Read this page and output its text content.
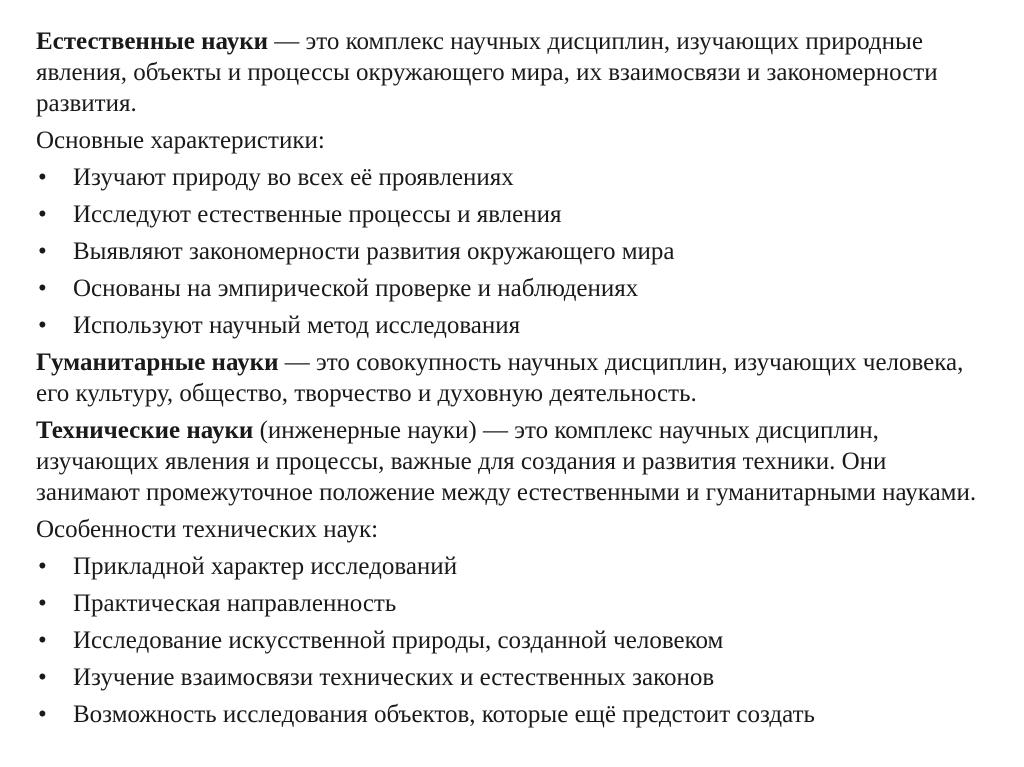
Естественные науки — это комплекс научных дисциплин, изучающих природные явления, объекты и процессы окружающего мира, их взаимосвязи и закономерности развития.

Основные характеристики:

• Изучают природу во всех её проявлениях
• Исследуют естественные процессы и явления
• Выявляют закономерности развития окружающего мира
• Основаны на эмпирической проверке и наблюдениях
• Используют научный метод исследования

Гуманитарные науки — это совокупность научных дисциплин, изучающих человека, его культуру, общество, творчество и духовную деятельность.

Технические науки (инженерные науки) — это комплекс научных дисциплин, изучающих явления и процессы, важные для создания и развития техники. Они занимают промежуточное положение между естественными и гуманитарными науками.

Особенности технических наук:

• Прикладной характер исследований
• Практическая направленность
• Исследование искусственной природы, созданной человеком
• Изучение взаимосвязи технических и естественных законов
• Возможность исследования объектов, которые ещё предстоит создать
